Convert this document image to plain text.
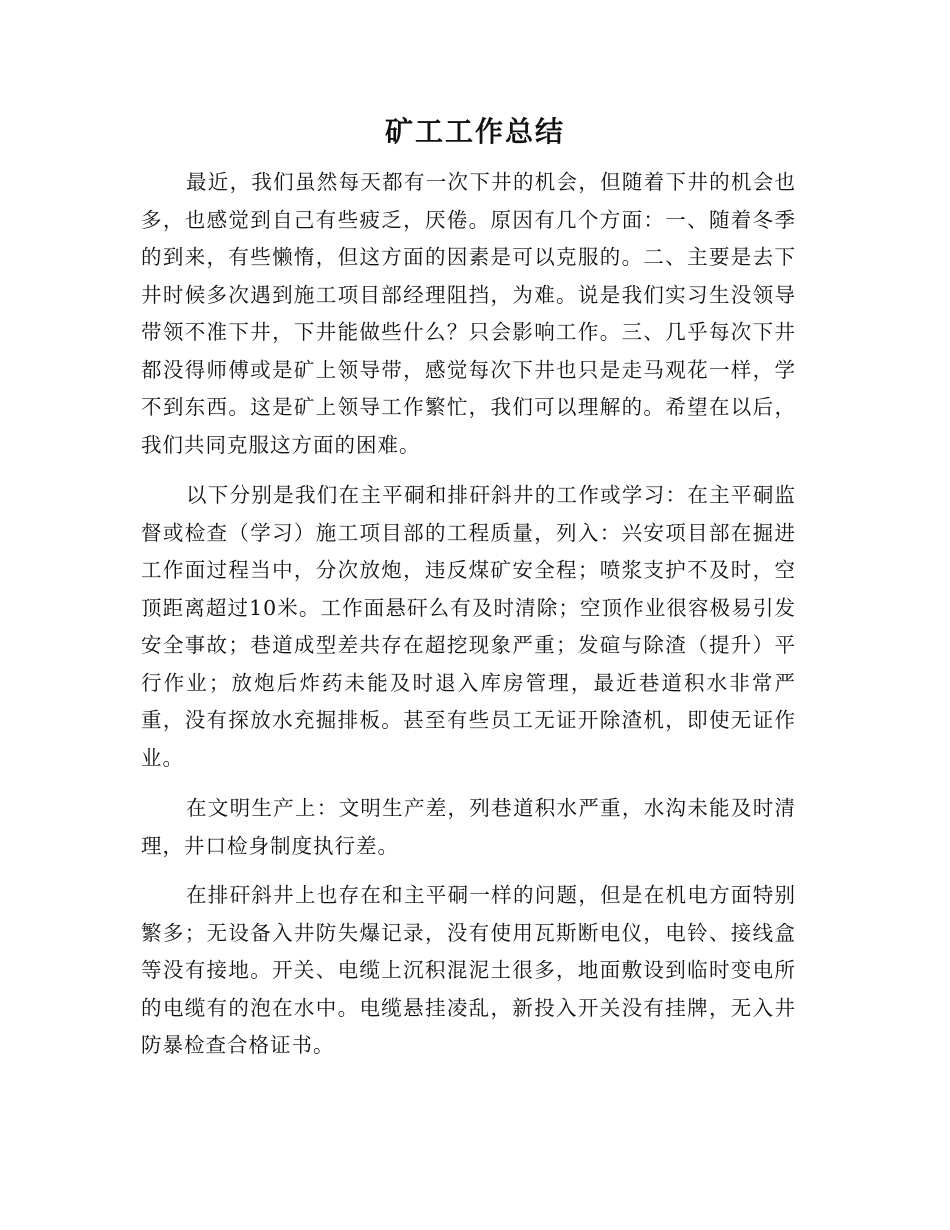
矿工工作总结

最近，我们虽然每天都有一次下井的机会，但随着下井的机会也多，也感觉到自己有些疲乏，厌倦。原因有几个方面：一、随着冬季的到来，有些懒惰，但这方面的因素是可以克服的。二、主要是去下井时候多次遇到施工项目部经理阻挡，为难。说是我们实习生没领导带领不准下井，下井能做些什么？只会影响工作。三、几乎每次下井都没得师傅或是矿上领导带，感觉每次下井也只是走马观花一样，学不到东西。这是矿上领导工作繁忙，我们可以理解的。希望在以后，我们共同克服这方面的困难。

以下分别是我们在主平硐和排矸斜井的工作或学习：在主平硐监督或检查（学习）施工项目部的工程质量，列入：兴安项目部在掘进工作面过程当中，分次放炮，违反煤矿安全程；喷浆支护不及时，空顶距离超过10米。工作面悬矸么有及时清除；空顶作业很容极易引发安全事故；巷道成型差共存在超挖现象严重；发碹与除渣（提升）平行作业；放炮后炸药未能及时退入库房管理，最近巷道积水非常严重，没有探放水充掘排板。甚至有些员工无证开除渣机，即使无证作业。

在文明生产上：文明生产差，列巷道积水严重，水沟未能及时清理，井口检身制度执行差。

在排矸斜井上也存在和主平硐一样的问题，但是在机电方面特别繁多；无设备入井防失爆记录，没有使用瓦斯断电仪，电铃、接线盒等没有接地。开关、电缆上沉积混泥土很多，地面敷设到临时变电所的电缆有的泡在水中。电缆悬挂凌乱，新投入开关没有挂牌，无入井防暴检查合格证书。
